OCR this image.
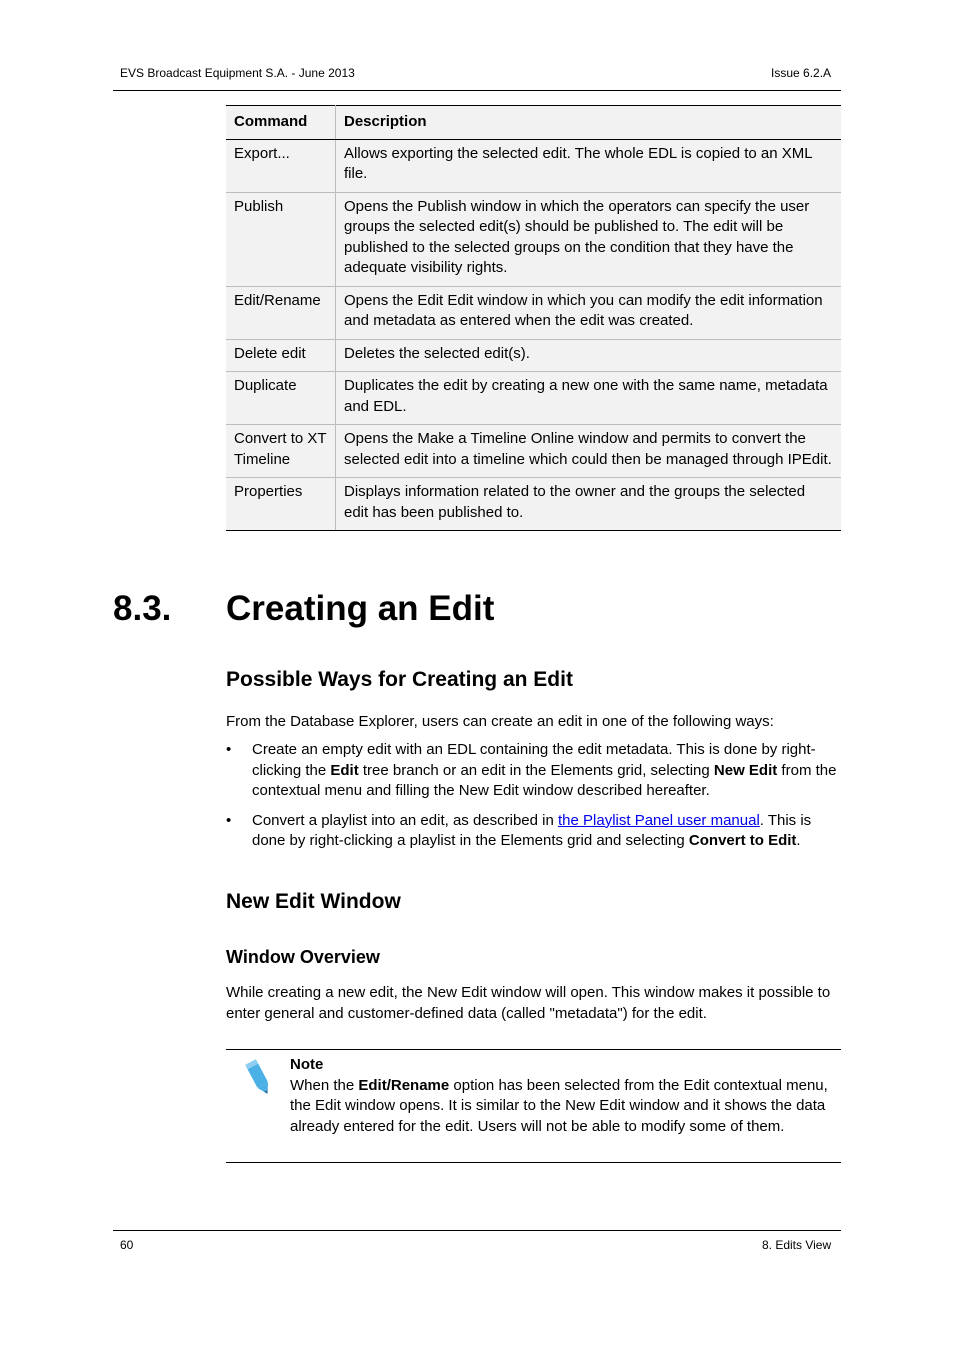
EVS Broadcast Equipment S.A. - June 2013	Issue 6.2.A
Command	Description
Export...	Allows exporting the selected edit. The whole EDL is copied to an XML file.
Publish	Opens the Publish window in which the operators can specify the user groups the selected edit(s) should be published to. The edit will be published to the selected groups on the condition that they have the adequate visibility rights.
Edit/Rename	Opens the Edit Edit window in which you can modify the edit information and metadata as entered when the edit was created.
Delete edit	Deletes the selected edit(s).
Duplicate	Duplicates the edit by creating a new one with the same name, metadata and EDL.
Convert to XT Timeline	Opens the Make a Timeline Online window and permits to convert the selected edit into a timeline which could then be managed through IPEdit.
Properties	Displays information related to the owner and the groups the selected edit has been published to.
8.3. Creating an Edit
Possible Ways for Creating an Edit
From the Database Explorer, users can create an edit in one of the following ways:
• Create an empty edit with an EDL containing the edit metadata. This is done by right-clicking the Edit tree branch or an edit in the Elements grid, selecting New Edit from the contextual menu and filling the New Edit window described hereafter.
• Convert a playlist into an edit, as described in the Playlist Panel user manual. This is done by right-clicking a playlist in the Elements grid and selecting Convert to Edit.
New Edit Window
Window Overview
While creating a new edit, the New Edit window will open. This window makes it possible to enter general and customer-defined data (called "metadata") for the edit.
Note
When the Edit/Rename option has been selected from the Edit contextual menu, the Edit window opens. It is similar to the New Edit window and it shows the data already entered for the edit. Users will not be able to modify some of them.
60	8. Edits View
